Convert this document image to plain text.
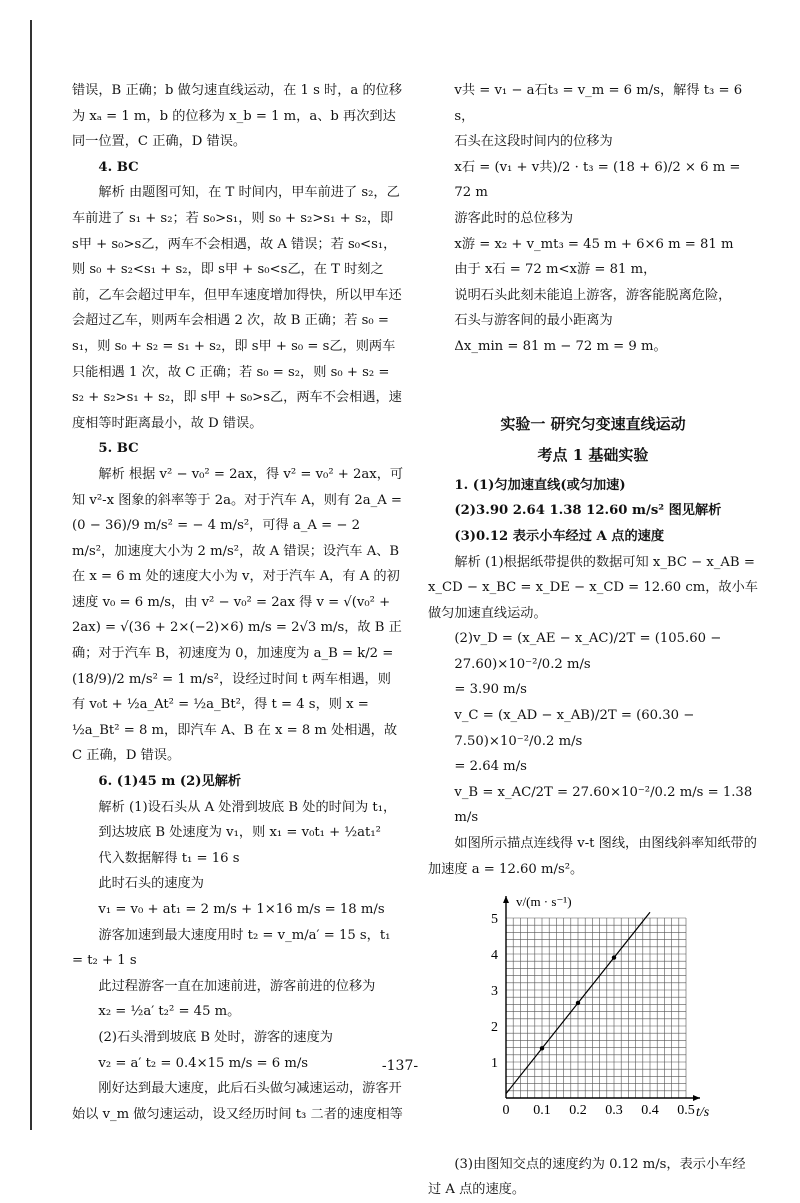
错误，B 正确；b 做匀速直线运动，在 1 s 时，a 的位移为 xₐ = 1 m，b 的位移为 x_b = 1 m，a、b 再次到达同一位置，C 正确，D 错误。

4. BC

解析 由题图可知，在 T 时间内，甲车前进了 s₂，乙车前进了 s₁ + s₂；若 s₀>s₁，则 s₀ + s₂>s₁ + s₂，即 s甲 + s₀>s乙，两车不会相遇，故 A 错误；若 s₀<s₁，则 s₀ + s₂<s₁ + s₂，即 s甲 + s₀<s乙，在 T 时刻之前，乙车会超过甲车，但甲车速度增加得快，所以甲车还会超过乙车，则两车会相遇 2 次，故 B 正确；若 s₀ = s₁，则 s₀ + s₂ = s₁ + s₂，即 s甲 + s₀ = s乙，则两车只能相遇 1 次，故 C 正确；若 s₀ = s₂，则 s₀ + s₂ = s₂ + s₂>s₁ + s₂，即 s甲 + s₀>s乙，两车不会相遇，速度相等时距离最小，故 D 错误。

5. BC

解析 根据 v² − v₀² = 2ax，得 v² = v₀² + 2ax，可知 v²-x 图象的斜率等于 2a。对于汽车 A，则有 2a_A = (0 − 36)/9 m/s² = − 4 m/s²，可得 a_A = − 2 m/s²，加速度大小为 2 m/s²，故 A 错误；设汽车 A、B 在 x = 6 m 处的速度大小为 v，对于汽车 A，有 A 的初速度 v₀ = 6 m/s，由 v² − v₀² = 2ax 得 v = √(v₀² + 2ax) = √(36 + 2×(−2)×6) m/s = 2√3 m/s，故 B 正确；对于汽车 B，初速度为 0，加速度为 a_B = k/2 = (18/9)/2 m/s² = 1 m/s²，设经过时间 t 两车相遇，则有 v₀t + ½a_At² = ½a_Bt²，得 t = 4 s，则 x = ½a_Bt² = 8 m，即汽车 A、B 在 x = 8 m 处相遇，故 C 正确，D 错误。

6. (1)45 m (2)见解析

解析 (1)设石头从 A 处滑到坡底 B 处的时间为 t₁，

到达坡底 B 处速度为 v₁，则 x₁ = v₀t₁ + ½at₁²

代入数据解得 t₁ = 16 s

此时石头的速度为

v₁ = v₀ + at₁ = 2 m/s + 1×16 m/s = 18 m/s

游客加速到最大速度用时 t₂ = v_m/a′ = 15 s，t₁ = t₂ + 1 s

此过程游客一直在加速前进，游客前进的位移为

x₂ = ½a′ t₂² = 45 m。

(2)石头滑到坡底 B 处时，游客的速度为

v₂ = a′ t₂ = 0.4×15 m/s = 6 m/s

刚好达到最大速度，此后石头做匀减速运动，游客开始以 v_m 做匀速运动，设又经历时间 t₃ 二者的速度相等

v共 = v₁ − a石t₃ = v_m = 6 m/s，解得 t₃ = 6 s，

石头在这段时间内的位移为

x石 = (v₁ + v共)/2 · t₃ = (18 + 6)/2 × 6 m = 72 m

游客此时的总位移为

x游 = x₂ + v_mt₃ = 45 m + 6×6 m = 81 m

由于 x石 = 72 m<x游 = 81 m，

说明石头此刻未能追上游客，游客能脱离危险，

石头与游客间的最小距离为

Δx_min = 81 m − 72 m = 9 m。

实验一 研究匀变速直线运动
考点 1 基础实验

1. (1)匀加速直线(或匀加速)

(2)3.90 2.64 1.38 12.60 m/s² 图见解析

(3)0.12 表示小车经过 A 点的速度

解析 (1)根据纸带提供的数据可知 x_BC − x_AB = x_CD − x_BC = x_DE − x_CD = 12.60 cm，故小车做匀加速直线运动。

(2)v_D = (x_AE − x_AC)/2T = (105.60 − 27.60)×10⁻²/0.2 m/s

= 3.90 m/s

v_C = (x_AD − x_AB)/2T = (60.30 − 7.50)×10⁻²/0.2 m/s

= 2.64 m/s

v_B = x_AC/2T = 27.60×10⁻²/0.2 m/s = 1.38 m/s

如图所示描点连线得 v-t 图线，由图线斜率知纸带的加速度 a = 12.60 m/s²。

0 0.1 0.2 0.3 0.4 0.5
1
2
3
4
5
v/(m · s⁻¹)
t/s

(3)由图知交点的速度约为 0.12 m/s，表示小车经过 A 点的速度。

-137-
